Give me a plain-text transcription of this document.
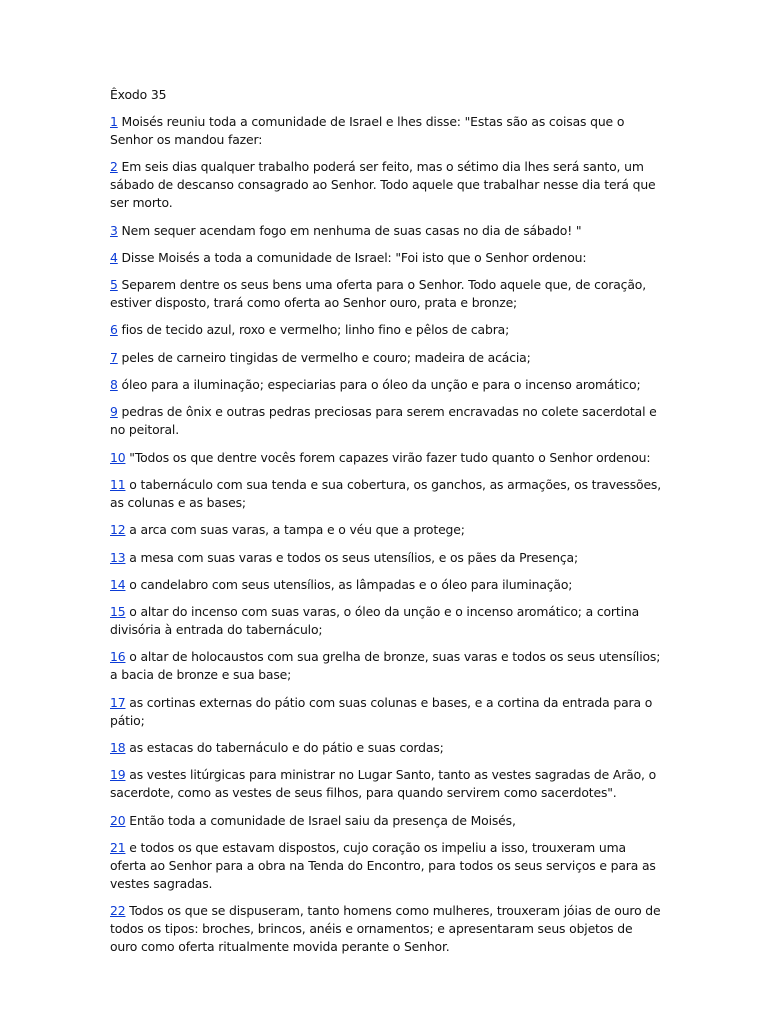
Êxodo 35

1 Moisés reuniu toda a comunidade de Israel e lhes disse: "Estas são as coisas que o Senhor os mandou fazer:

2 Em seis dias qualquer trabalho poderá ser feito, mas o sétimo dia lhes será santo, um sábado de descanso consagrado ao Senhor. Todo aquele que trabalhar nesse dia terá que ser morto.

3 Nem sequer acendam fogo em nenhuma de suas casas no dia de sábado! "

4 Disse Moisés a toda a comunidade de Israel: "Foi isto que o Senhor ordenou:

5 Separem dentre os seus bens uma oferta para o Senhor. Todo aquele que, de coração, estiver disposto, trará como oferta ao Senhor ouro, prata e bronze;

6 fios de tecido azul, roxo e vermelho; linho fino e pêlos de cabra;

7 peles de carneiro tingidas de vermelho e couro; madeira de acácia;

8 óleo para a iluminação; especiarias para o óleo da unção e para o incenso aromático;

9 pedras de ônix e outras pedras preciosas para serem encravadas no colete sacerdotal e no peitoral.

10 "Todos os que dentre vocês forem capazes virão fazer tudo quanto o Senhor ordenou:

11 o tabernáculo com sua tenda e sua cobertura, os ganchos, as armações, os travessões, as colunas e as bases;

12 a arca com suas varas, a tampa e o véu que a protege;

13 a mesa com suas varas e todos os seus utensílios, e os pães da Presença;

14 o candelabro com seus utensílios, as lâmpadas e o óleo para iluminação;

15 o altar do incenso com suas varas, o óleo da unção e o incenso aromático; a cortina divisória à entrada do tabernáculo;

16 o altar de holocaustos com sua grelha de bronze, suas varas e todos os seus utensílios; a bacia de bronze e sua base;

17 as cortinas externas do pátio com suas colunas e bases, e a cortina da entrada para o pátio;

18 as estacas do tabernáculo e do pátio e suas cordas;

19 as vestes litúrgicas para ministrar no Lugar Santo, tanto as vestes sagradas de Arão, o sacerdote, como as vestes de seus filhos, para quando servirem como sacerdotes".

20 Então toda a comunidade de Israel saiu da presença de Moisés,

21 e todos os que estavam dispostos, cujo coração os impeliu a isso, trouxeram uma oferta ao Senhor para a obra na Tenda do Encontro, para todos os seus serviços e para as vestes sagradas.

22 Todos os que se dispuseram, tanto homens como mulheres, trouxeram jóias de ouro de todos os tipos: broches, brincos, anéis e ornamentos; e apresentaram seus objetos de ouro como oferta ritualmente movida perante o Senhor.
